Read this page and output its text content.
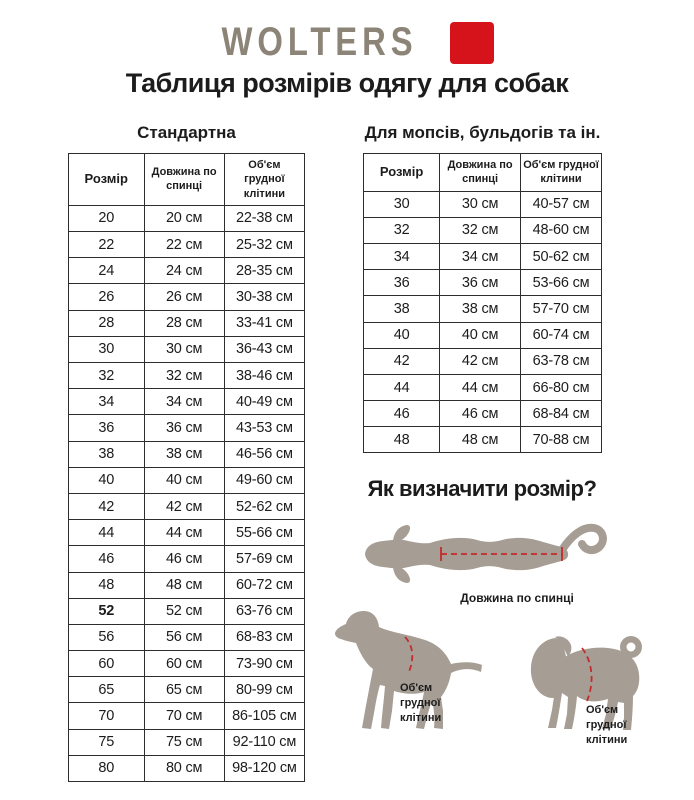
WOLTERS
Таблиця розмірів одягу для собак
Стандартна	Для мопсів, бульдогів та ін.
Розмір	Довжина по спинці	Об'єм грудної клітини
20	20 см	22-38 см
22	22 см	25-32 см
24	24 см	28-35 см
26	26 см	30-38 см
28	28 см	33-41 см
30	30 см	36-43 см
32	32 см	38-46 см
34	34 см	40-49 см
36	36 см	43-53 см
38	38 см	46-56 см
40	40 см	49-60 см
42	42 см	52-62 см
44	44 см	55-66 см
46	46 см	57-69 см
48	48 см	60-72 см
52	52 см	63-76 см
56	56 см	68-83 см
60	60 см	73-90 см
65	65 см	80-99 см
70	70 см	86-105 см
75	75 см	92-110 см
80	80 см	98-120 см
Розмір	Довжина по спинці	Об'єм грудної клітини
30	30 см	40-57 см
32	32 см	48-60 см
34	34 см	50-62 см
36	36 см	53-66 см
38	38 см	57-70 см
40	40 см	60-74 см
42	42 см	63-78 см
44	44 см	66-80 см
46	46 см	68-84 см
48	48 см	70-88 см
Як визначити розмір?
Довжина по спинці
Об'єм грудної клітини
Об'єм грудної клітини
